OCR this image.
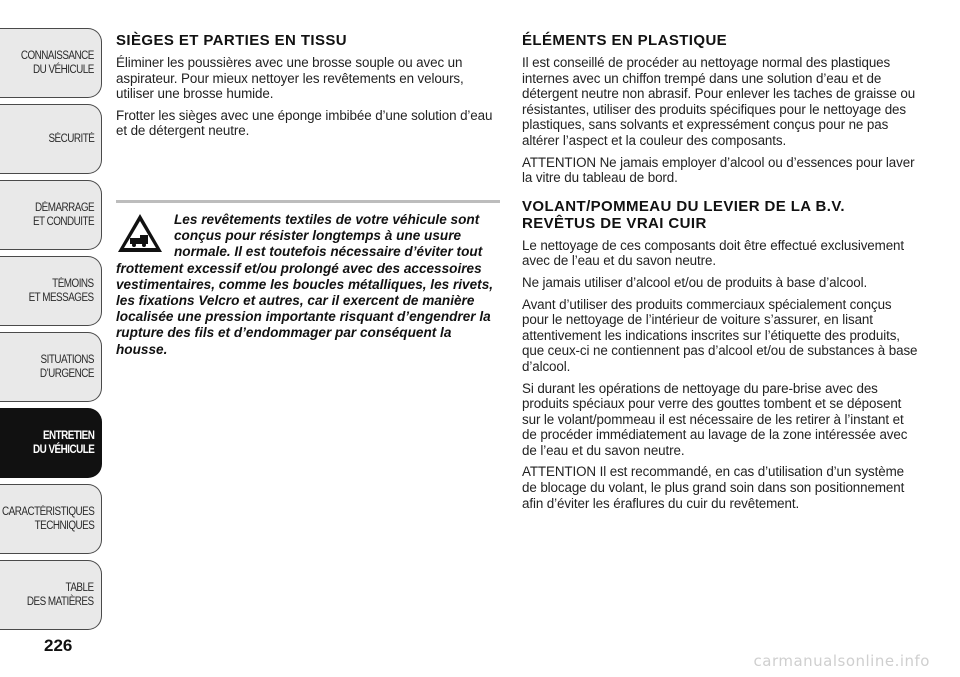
CONNAISSANCE
DU VÉHICULE
SÉCURITÉ
DÉMARRAGE
ET CONDUITE
TÉMOINS
ET MESSAGES
SITUATIONS
D’URGENCE
ENTRETIEN
DU VÉHICULE
CARACTÉRISTIQUES
TECHNIQUES
TABLE
DES MATIÈRES
226
SIÈGES ET PARTIES EN TISSU

Éliminer les poussières avec une brosse souple ou avec un aspirateur. Pour mieux nettoyer les revêtements en velours, utiliser une brosse humide.

Frotter les sièges avec une éponge imbibée d’une solution d’eau et de détergent neutre.

Les revêtements textiles de votre véhicule sont conçus pour résister longtemps à une usure normale. Il est toutefois nécessaire d’éviter tout frottement excessif et/ou prolongé avec des accessoires vestimentaires, comme les boucles métalliques, les rivets, les fixations Velcro et autres, car il exercent de manière localisée une pression importante risquant d’engendrer la rupture des fils et d’endommager par conséquent la housse.

ÉLÉMENTS EN PLASTIQUE

Il est conseillé de procéder au nettoyage normal des plastiques internes avec un chiffon trempé dans une solution d’eau et de détergent neutre non abrasif. Pour enlever les taches de graisse ou résistantes, utiliser des produits spécifiques pour le nettoyage des plastiques, sans solvants et expressément conçus pour ne pas altérer l’aspect et la couleur des composants.

ATTENTION Ne jamais employer d’alcool ou d’essences pour laver la vitre du tableau de bord.

VOLANT/POMMEAU DU LEVIER DE LA B.V. REVÊTUS DE VRAI CUIR

Le nettoyage de ces composants doit être effectué exclusivement avec de l’eau et du savon neutre.

Ne jamais utiliser d’alcool et/ou de produits à base d’alcool.

Avant d’utiliser des produits commerciaux spécialement conçus pour le nettoyage de l’intérieur de voiture s’assurer, en lisant attentivement les indications inscrites sur l’étiquette des produits, que ceux-ci ne contiennent pas d’alcool et/ou de substances à base d’alcool.

Si durant les opérations de nettoyage du pare-brise avec des produits spéciaux pour verre des gouttes tombent et se déposent sur le volant/pommeau il est nécessaire de les retirer à l’instant et de procéder immédiatement au lavage de la zone intéressée avec de l’eau et du savon neutre.

ATTENTION Il est recommandé, en cas d’utilisation d’un système de blocage du volant, le plus grand soin dans son positionnement afin d’éviter les éraflures du cuir du revêtement.

carmanualsonline.info
